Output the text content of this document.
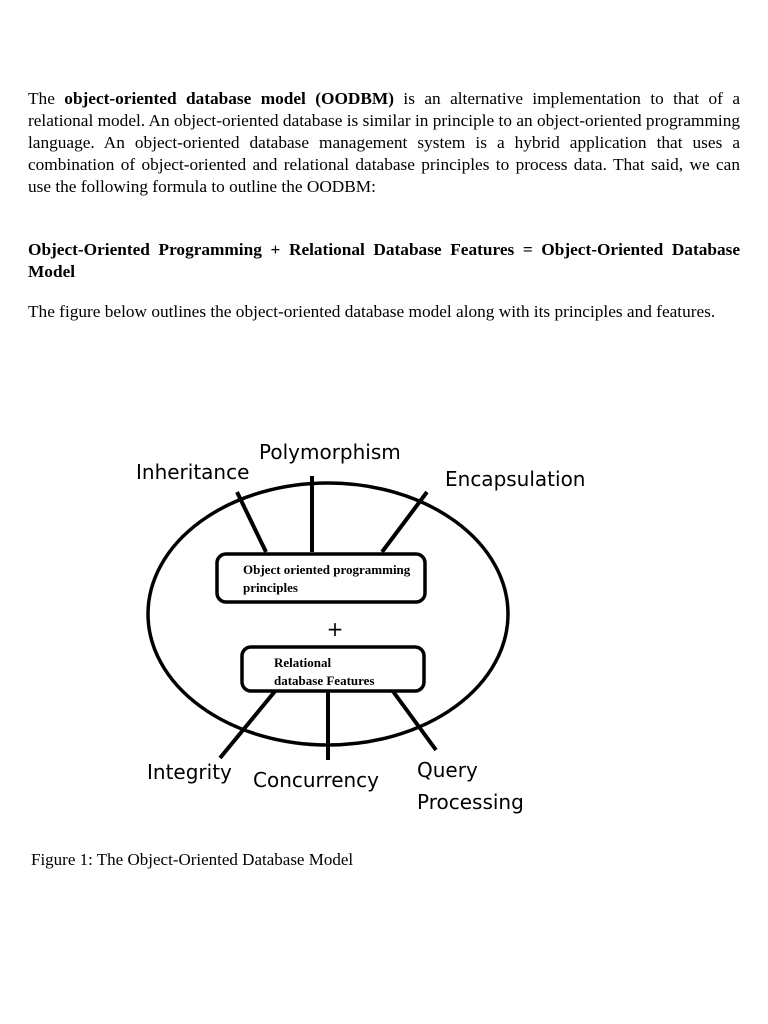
The object-oriented database model (OODBM) is an alternative implementation to that of a relational model. An object-oriented database is similar in principle to an object-oriented programming language. An object-oriented database management system is a hybrid application that uses a combination of object-oriented and relational database principles to process data. That said, we can use the following formula to outline the OODBM:

Object-Oriented Programming + Relational Database Features = Object-Oriented Database Model

The figure below outlines the object-oriented database model along with its principles and features.

Object oriented programming
principles
+
Relational
database Features
Inheritance
Polymorphism
Encapsulation
Integrity Concurrency Query
Processing

Figure 1: The Object-Oriented Database Model
